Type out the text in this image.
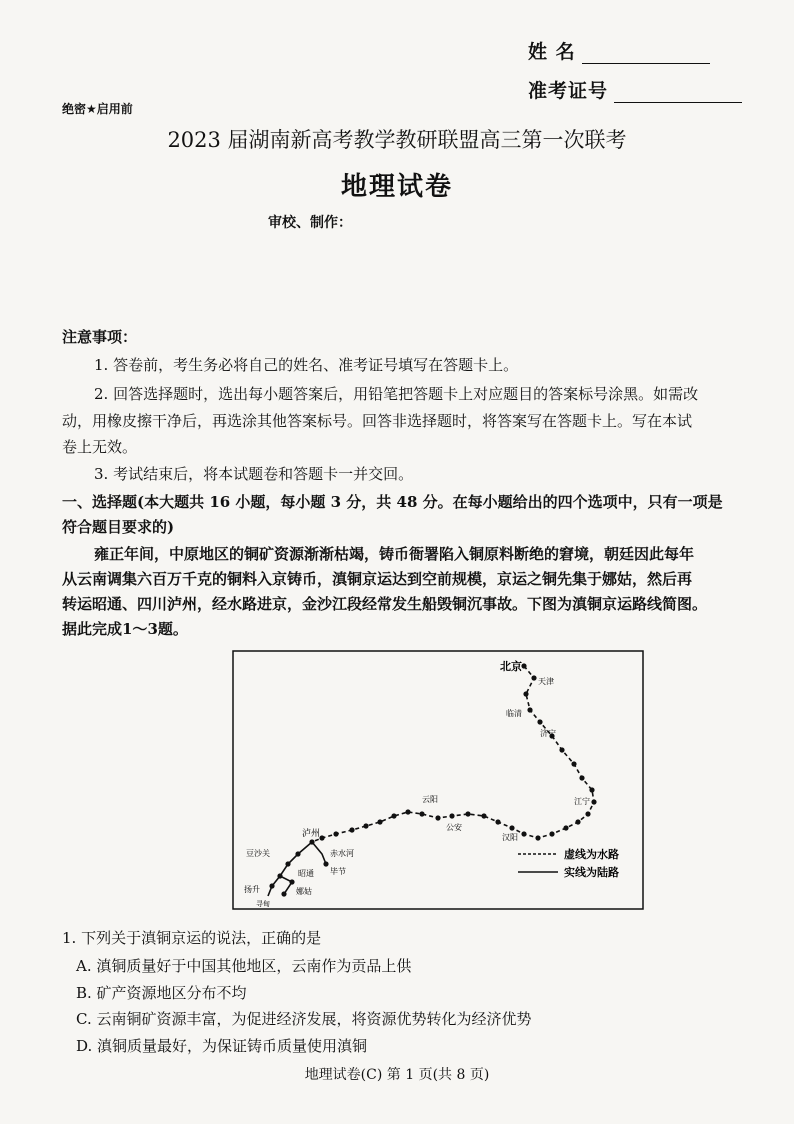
姓 名
准考证号
绝密★启用前
2023 届湖南新高考教学教研联盟高三第一次联考
地理试卷
审校、制作：
注意事项：
1. 答卷前，考生务必将自己的姓名、准考证号填写在答题卡上。
2. 回答选择题时，选出每小题答案后，用铅笔把答题卡上对应题目的答案标号涂黑。如需改
动，用橡皮擦干净后，再选涂其他答案标号。回答非选择题时，将答案写在答题卡上。写在本试
卷上无效。
3. 考试结束后，将本试题卷和答题卡一并交回。
一、选择题(本大题共 16 小题，每小题 3 分，共 48 分。在每小题给出的四个选项中，只有一项是
符合题目要求的)
雍正年间，中原地区的铜矿资源渐渐枯竭，铸币衙署陷入铜原料断绝的窘境，朝廷因此每年
从云南调集六百万千克的铜料入京铸币，滇铜京运达到空前规模，京运之铜先集于娜姑，然后再
转运昭通、四川泸州，经水路进京，金沙江段经常发生船毁铜沉事故。下图为滇铜京运路线简图。
据此完成1～3题。
北京
天津
临清
济宁
江宁
汉阳
云阳
公安
泸州
赤水河
毕节
豆沙关
昭通
娜姑
扬升
寻甸
虚线为水路
实线为陆路
1. 下列关于滇铜京运的说法，正确的是
A. 滇铜质量好于中国其他地区，云南作为贡品上供
B. 矿产资源地区分布不均
C. 云南铜矿资源丰富，为促进经济发展，将资源优势转化为经济优势
D. 滇铜质量最好，为保证铸币质量使用滇铜
地理试卷(C) 第 1 页(共 8 页)
